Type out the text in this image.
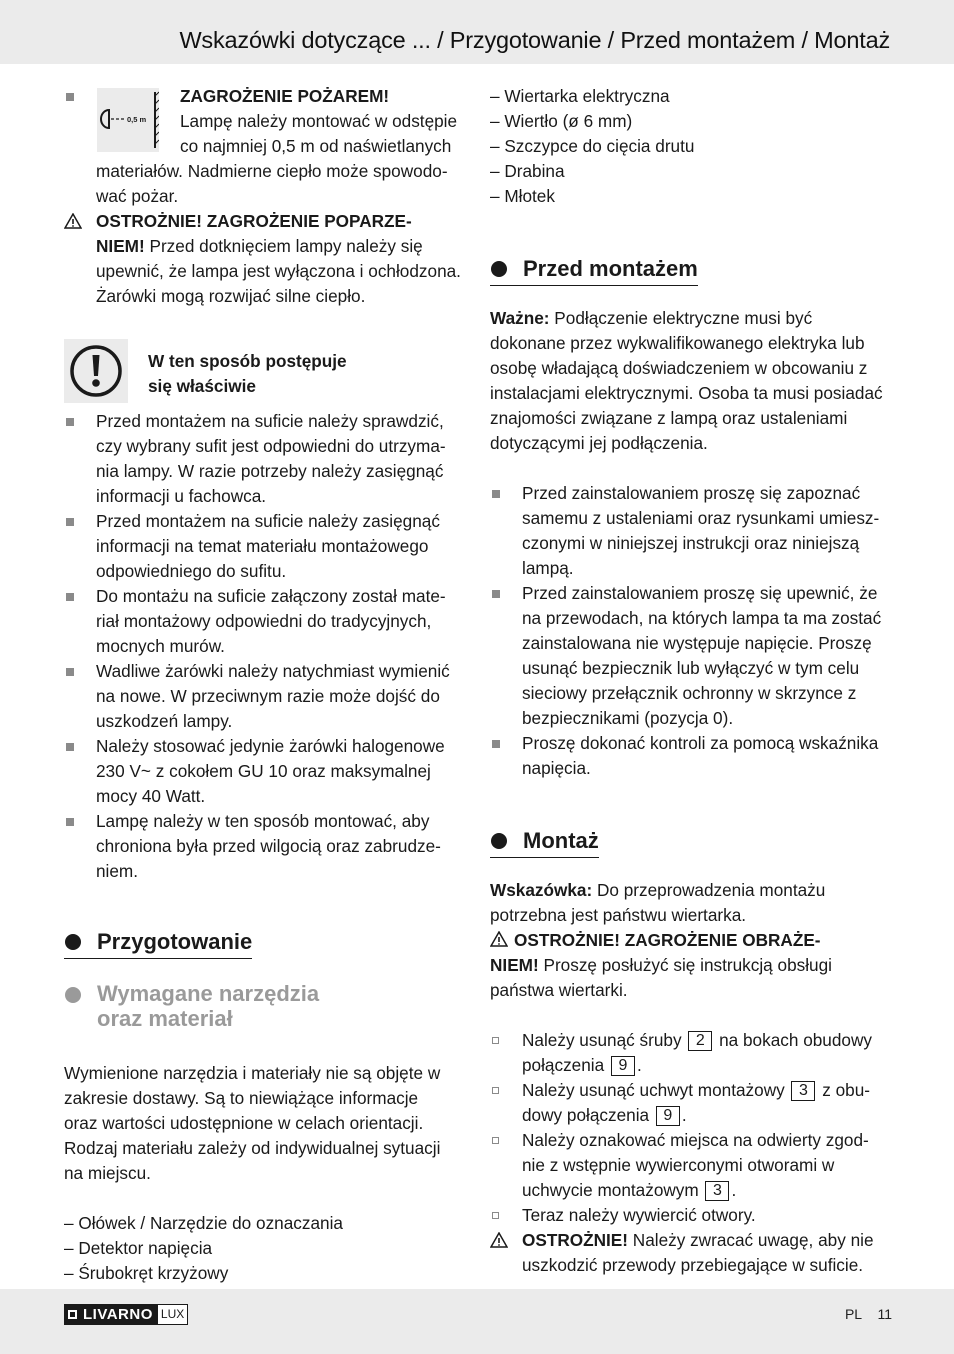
Wskazówki dotyczące ... / Przygotowanie / Przed montażem / Montaż
0,5 m
ZAGROŻENIE POŻAREM!
Lampę należy montować w odstępie
co najmniej 0,5 m od naświetlanych
materiałów. Nadmierne ciepło może spowodo-
wać pożar.
OSTROŻNIE! ZAGROŻENIE POPARZE-
NIEM! Przed dotknięciem lampy należy się
upewnić, że lampa jest wyłączona i ochłodzona.
Żarówki mogą rozwijać silne ciepło.
W ten sposób postępuje
się właściwie
Przed montażem na suficie należy sprawdzić,
czy wybrany sufit jest odpowiedni do utrzyma-
nia lampy. W razie potrzeby należy zasięgnąć
informacji u fachowca.
Przed montażem na suficie należy zasięgnąć
informacji na temat materiału montażowego
odpowiedniego do sufitu.
Do montażu na suficie załączony został mate-
riał montażowy odpowiedni do tradycyjnych,
mocnych murów.
Wadliwe żarówki należy natychmiast wymienić
na nowe. W przeciwnym razie może dojść do
uszkodzeń lampy.
Należy stosować jedynie żarówki halogenowe
230 V~ z cokołem GU 10 oraz maksymalnej
mocy 40 Watt.
Lampę należy w ten sposób montować, aby
chroniona była przed wilgocią oraz zabrudze-
niem.
Przygotowanie
Wymagane narzędzia
oraz materiał
Wymienione narzędzia i materiały nie są objęte w
zakresie dostawy. Są to niewiążące informacje
oraz wartości udostępnione w celach orientacji.
Rodzaj materiału zależy od indywidualnej sytuacji
na miejscu.
– Ołówek / Narzędzie do oznaczania
– Detektor napięcia
– Śrubokręt krzyżowy
– Wiertarka elektryczna
– Wiertło (ø 6 mm)
– Szczypce do cięcia drutu
– Drabina
– Młotek
Przed montażem
Ważne: Podłączenie elektryczne musi być
dokonane przez wykwalifikowanego elektryka lub
osobę władającą doświadczeniem w obcowaniu z
instalacjami elektrycznymi. Osoba ta musi posiadać
znajomości związane z lampą oraz ustaleniami
dotyczącymi jej podłączenia.
Przed zainstalowaniem proszę się zapoznać
samemu z ustaleniami oraz rysunkami umiesz-
czonymi w niniejszej instrukcji oraz niniejszą
lampą.
Przed zainstalowaniem proszę się upewnić, że
na przewodach, na których lampa ta ma zostać
zainstalowana nie występuje napięcie. Proszę
usunąć bezpiecznik lub wyłączyć w tym celu
sieciowy przełącznik ochronny w skrzynce z
bezpiecznikami (pozycja 0).
Proszę dokonać kontroli za pomocą wskaźnika
napięcia.
Montaż
Wskazówka: Do przeprowadzenia montażu
potrzebna jest państwu wiertarka.
OSTROŻNIE! ZAGROŻENIE OBRAŻE-
NIEM! Proszę posłużyć się instrukcją obsługi
państwa wiertarki.
Należy usunąć śruby 2 na bokach obudowy
połączenia 9 .
Należy usunąć uchwyt montażowy 3 z obu-
dowy połączenia 9 .
Należy oznakować miejsca na odwierty zgod-
nie z wstępnie wywierconymi otworami w
uchwycie montażowym 3 .
Teraz należy wywiercić otwory.
OSTROŻNIE! Należy zwracać uwagę, aby nie
uszkodzić przewody przebiegające w suficie.
LIVARNO LUX	PL 11
